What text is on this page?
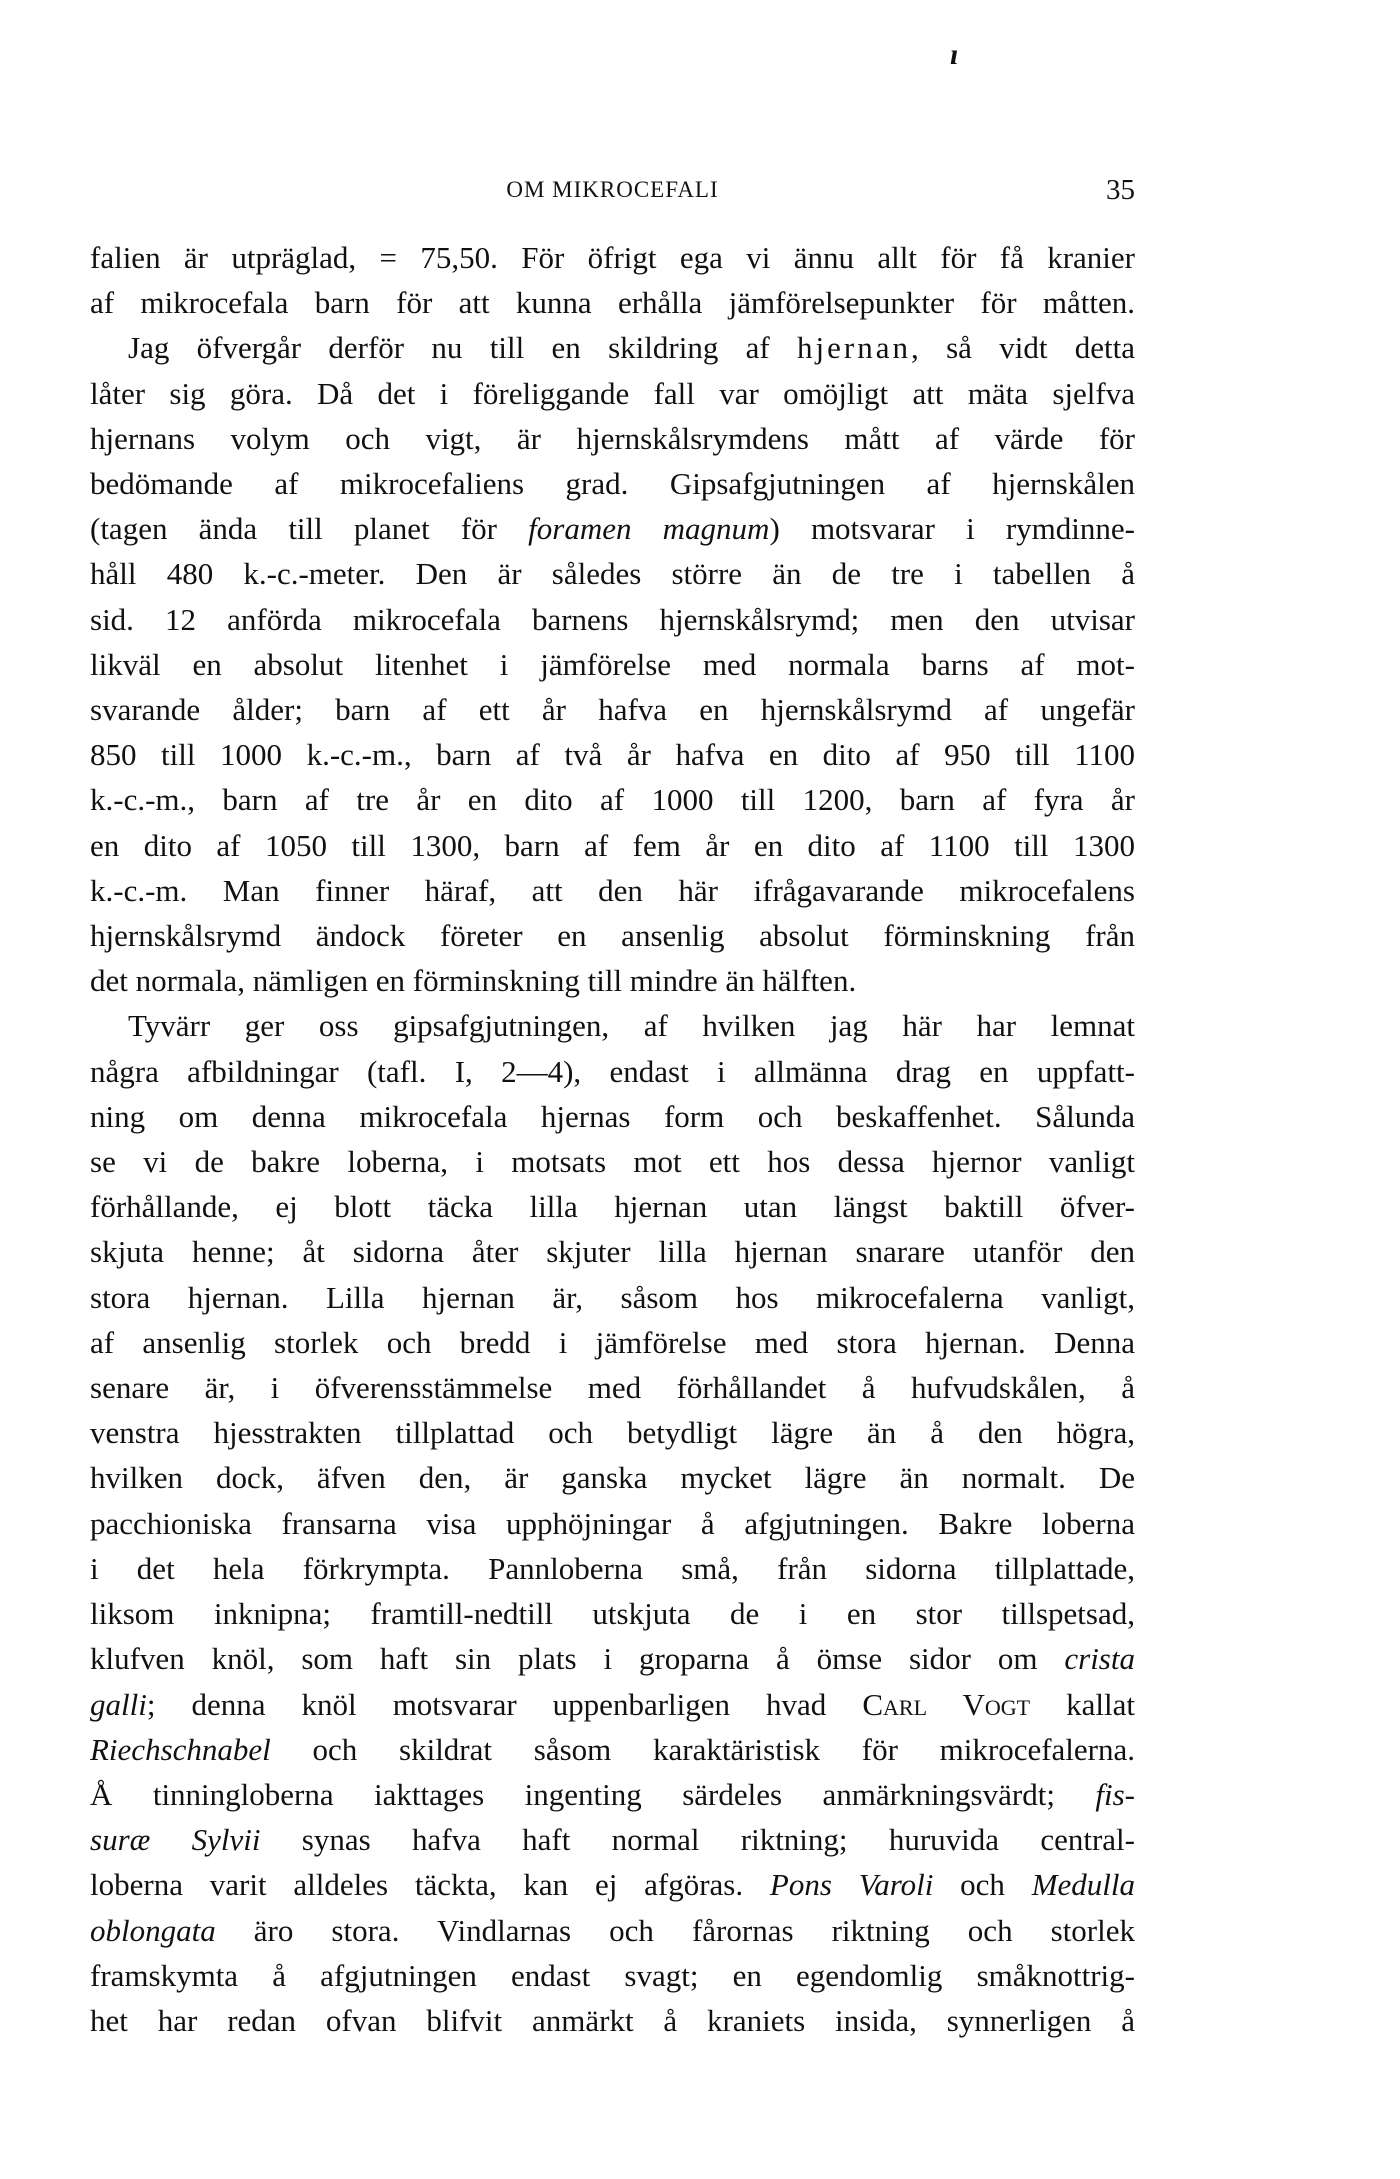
ı
OM MIKROCEFALI	35
falien är utpräglad, = 75,50. För öfrigt ega vi ännu allt för få kranier
af mikrocefala barn för att kunna erhålla jämförelsepunkter för måtten.
Jag öfvergår derför nu till en skildring af hjernan, så vidt detta
låter sig göra. Då det i föreliggande fall var omöjligt att mäta sjelfva
hjernans volym och vigt, är hjernskålsrymdens mått af värde för
bedömande af mikrocefaliens grad. Gipsafgjutningen af hjernskålen
(tagen ända till planet för foramen magnum) motsvarar i rymdinne-
håll 480 k.-c.-meter. Den är således större än de tre i tabellen å
sid. 12 anförda mikrocefala barnens hjernskålsrymd; men den utvisar
likväl en absolut litenhet i jämförelse med normala barns af mot-
svarande ålder; barn af ett år hafva en hjernskålsrymd af ungefär
850 till 1000 k.-c.-m., barn af två år hafva en dito af 950 till 1100
k.-c.-m., barn af tre år en dito af 1000 till 1200, barn af fyra år
en dito af 1050 till 1300, barn af fem år en dito af 1100 till 1300
k.-c.-m. Man finner häraf, att den här ifrågavarande mikrocefalens
hjernskålsrymd ändock företer en ansenlig absolut förminskning från
det normala, nämligen en förminskning till mindre än hälften.
Tyvärr ger oss gipsafgjutningen, af hvilken jag här har lemnat
några afbildningar (tafl. I, 2—4), endast i allmänna drag en uppfatt-
ning om denna mikrocefala hjernas form och beskaffenhet. Sålunda
se vi de bakre loberna, i motsats mot ett hos dessa hjernor vanligt
förhållande, ej blott täcka lilla hjernan utan längst baktill öfver-
skjuta henne; åt sidorna åter skjuter lilla hjernan snarare utanför den
stora hjernan. Lilla hjernan är, såsom hos mikrocefalerna vanligt,
af ansenlig storlek och bredd i jämförelse med stora hjernan. Denna
senare är, i öfverensstämmelse med förhållandet å hufvudskålen, å
venstra hjesstrakten tillplattad och betydligt lägre än å den högra,
hvilken dock, äfven den, är ganska mycket lägre än normalt. De
pacchioniska fransarna visa upphöjningar å afgjutningen. Bakre loberna
i det hela förkrympta. Pannloberna små, från sidorna tillplattade,
liksom inknipna; framtill-nedtill utskjuta de i en stor tillspetsad,
klufven knöl, som haft sin plats i groparna å ömse sidor om crista
galli; denna knöl motsvarar uppenbarligen hvad Carl Vogt kallat
Riechschnabel och skildrat såsom karaktäristisk för mikrocefalerna.
Å tinningloberna iakttages ingenting särdeles anmärkningsvärdt; fis-
suræ Sylvii synas hafva haft normal riktning; huruvida central-
loberna varit alldeles täckta, kan ej afgöras. Pons Varoli och Medulla
oblongata äro stora. Vindlarnas och fårornas riktning och storlek
framskymta å afgjutningen endast svagt; en egendomlig småknottrig-
het har redan ofvan blifvit anmärkt å kraniets insida, synnerligen å
